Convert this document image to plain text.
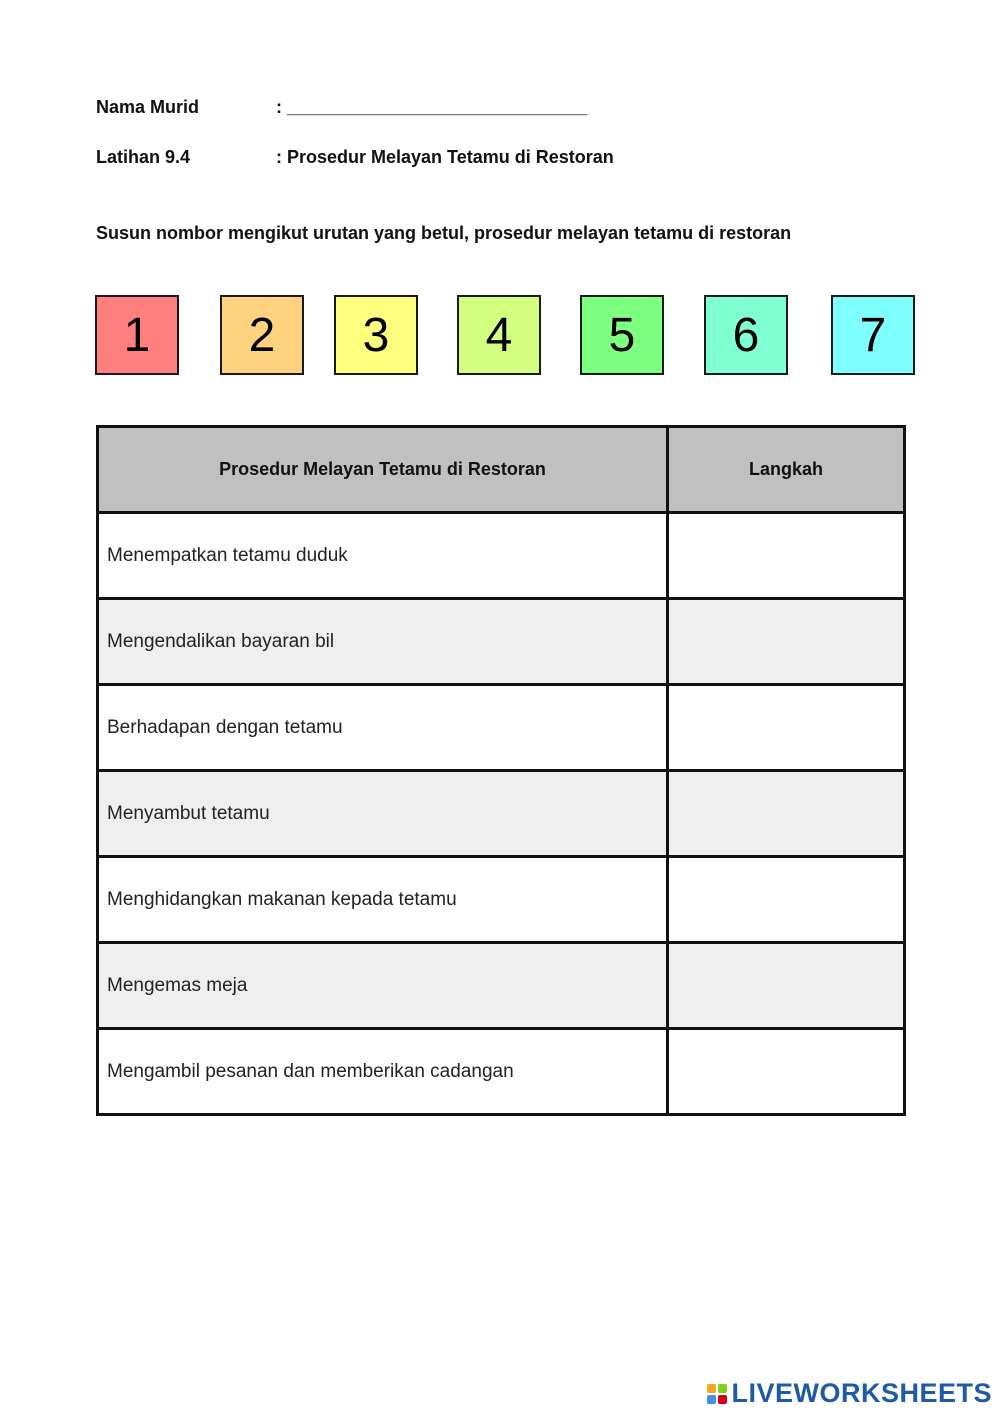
Nama Murid	: ______________________________
Latihan 9.4	: Prosedur Melayan Tetamu di Restoran
Susun nombor mengikut urutan yang betul, prosedur melayan tetamu di restoran
1	2	3	4	5	6	7
Prosedur Melayan Tetamu di Restoran	Langkah
Menempatkan tetamu duduk	
Mengendalikan bayaran bil	
Berhadapan dengan tetamu	
Menyambut tetamu	
Menghidangkan makanan kepada tetamu	
Mengemas meja	
Mengambil pesanan dan memberikan cadangan	
LIVEWORKSHEETS
